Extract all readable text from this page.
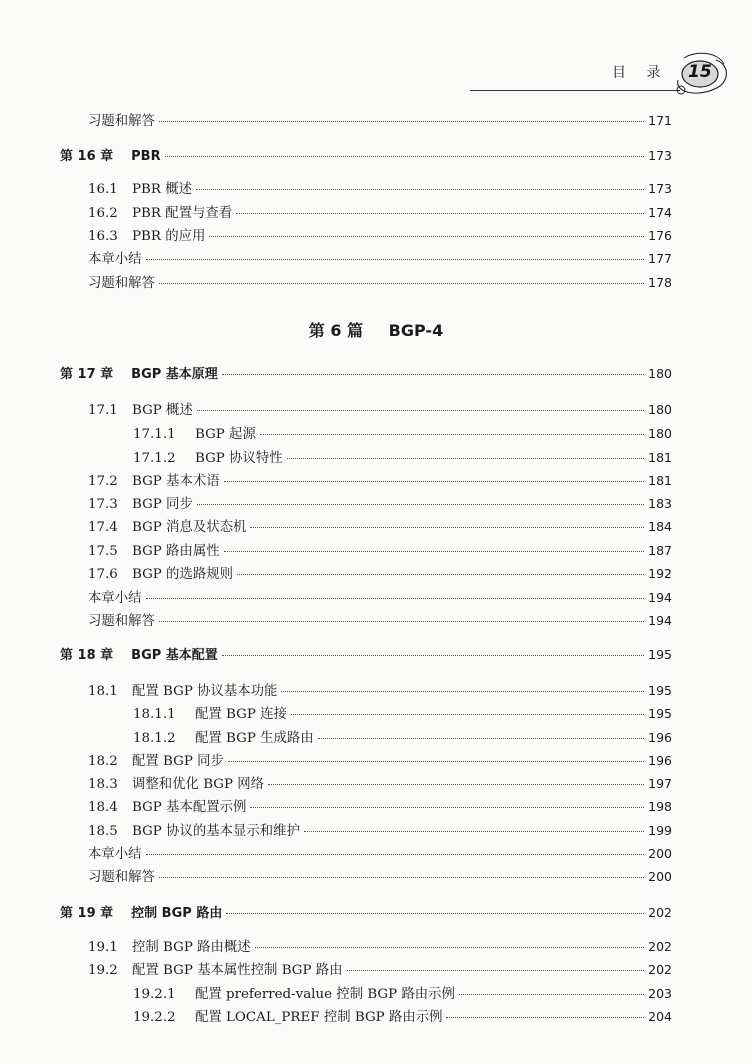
目 录 15
第 6 篇 BGP-4
习题和解答	171
第 16 章 PBR	173
16.1	PBR 概述	173
16.2	PBR 配置与查看	174
16.3	PBR 的应用	176
本章小结	177
习题和解答	178
第 17 章 BGP 基本原理	180
17.1	BGP 概述	180
17.1.1	BGP 起源	180
17.1.2	BGP 协议特性	181
17.2	BGP 基本术语	181
17.3	BGP 同步	183
17.4	BGP 消息及状态机	184
17.5	BGP 路由属性	187
17.6	BGP 的选路规则	192
本章小结	194
习题和解答	194
第 18 章 BGP 基本配置	195
18.1	配置 BGP 协议基本功能	195
18.1.1	配置 BGP 连接	195
18.1.2	配置 BGP 生成路由	196
18.2	配置 BGP 同步	196
18.3	调整和优化 BGP 网络	197
18.4	BGP 基本配置示例	198
18.5	BGP 协议的基本显示和维护	199
本章小结	200
习题和解答	200
第 19 章 控制 BGP 路由	202
19.1	控制 BGP 路由概述	202
19.2	配置 BGP 基本属性控制 BGP 路由	202
19.2.1	配置 preferred-value 控制 BGP 路由示例	203
19.2.2	配置 LOCAL_PREF 控制 BGP 路由示例	204
